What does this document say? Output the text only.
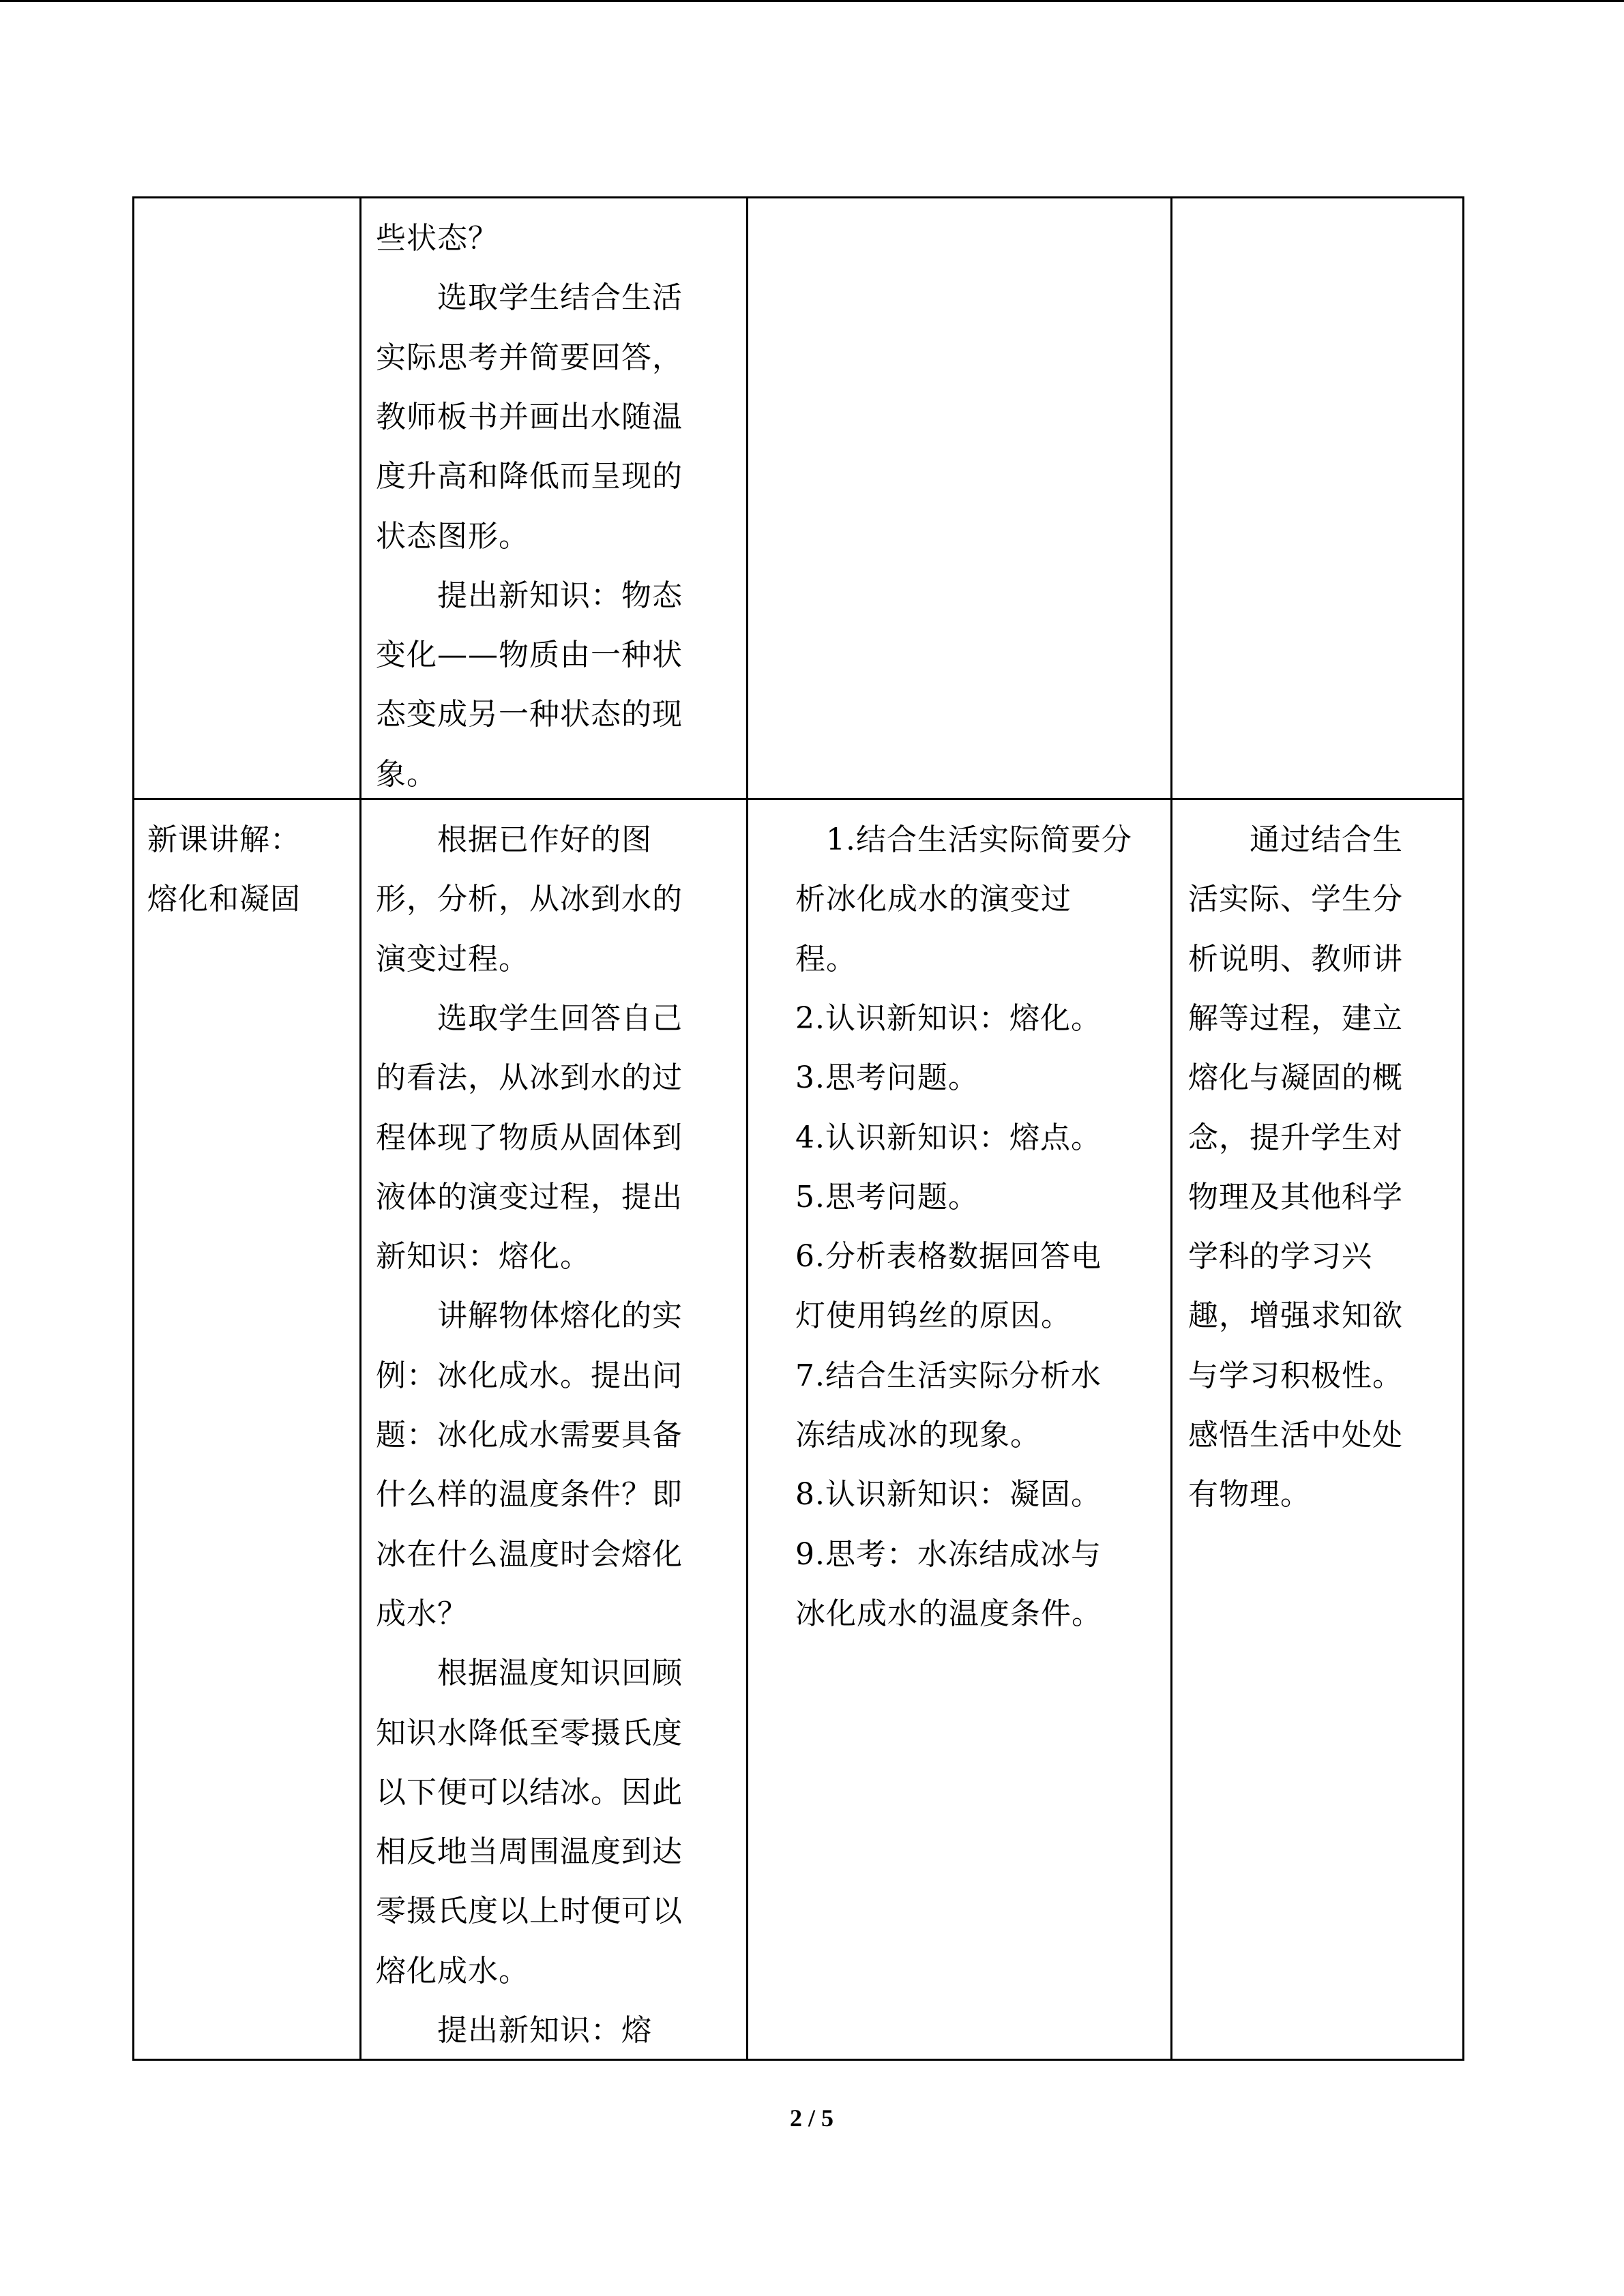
些状态？
　　选取学生结合生活
实际思考并简要回答，
教师板书并画出水随温
度升高和降低而呈现的
状态图形。
　　提出新知识：物态
变化——物质由一种状
态变成另一种状态的现
象。
新课讲解：
熔化和凝固
　　根据已作好的图
形，分析，从冰到水的
演变过程。
　　选取学生回答自己
的看法，从冰到水的过
程体现了物质从固体到
液体的演变过程，提出
新知识：熔化。
　　讲解物体熔化的实
例：冰化成水。提出问
题：冰化成水需要具备
什么样的温度条件？即
冰在什么温度时会熔化
成水？
　　根据温度知识回顾
知识水降低至零摄氏度
以下便可以结冰。因此
相反地当周围温度到达
零摄氏度以上时便可以
熔化成水。
　　提出新知识：熔
　1.结合生活实际简要分
析冰化成水的演变过
程。
2.认识新知识：熔化。
3.思考问题。
4.认识新知识：熔点。
5.思考问题。
6.分析表格数据回答电
灯使用钨丝的原因。
7.结合生活实际分析水
冻结成冰的现象。
8.认识新知识：凝固。
9.思考：水冻结成冰与
冰化成水的温度条件。
　　通过结合生
活实际、学生分
析说明、教师讲
解等过程，建立
熔化与凝固的概
念，提升学生对
物理及其他科学
学科的学习兴
趣，增强求知欲
与学习积极性。
感悟生活中处处
有物理。
2 / 5
